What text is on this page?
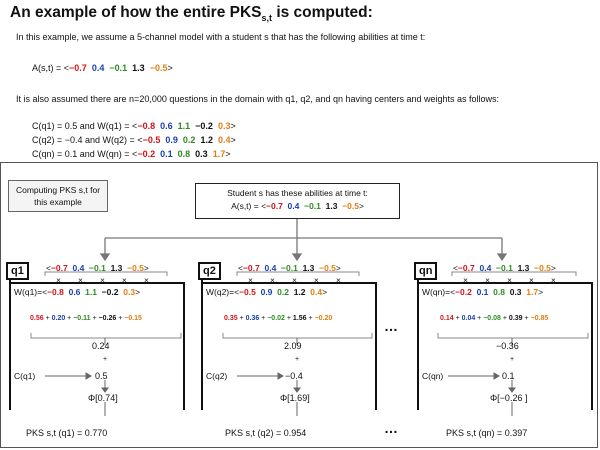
An example of how the entire $PKS_{s,t}$ is computed:
In this example, we assume a 5-channel model with a student s that has the following abilities at time t:
A(s,t) = <−0.7 0.4 −0.1 1.3 −0.5>
It is also assumed there are n=20,000 questions in the domain with q1, q2, and qn having centers and weights as follows:
C(q1) = 0.5 and W(q1) = <−0.8 0.6 1.1 −0.2 0.3>
C(q2) = −0.4 and W(q2) = <−0.5 0.9 0.2 1.2 0.4>
C(qn) = 0.1 and W(qn) = <−0.2 0.1 0.8 0.3 1.7>
Computing PKS s,t for this example
Student s has these abilities at time t:
A(s,t) = <−0.7 0.4 −0.1 1.3 −0.5>
q1	<−0.7 0.4 −0.1 1.3 −0.5>
×××××
W(q1)=<−0.8 0.6 1.1 −0.2 0.3>
0.56 + 0.20 + −0.11 + −0.26 + −0.15
0.24
+
C(q1)	0.5
Φ[0.74]
PKS s,t (q1) = 0.770
q2	<−0.7 0.4 −0.1 1.3 −0.5>
×××××
W(q2)=<−0.5 0.9 0.2 1.2 0.4>
0.35 + 0.36 + −0.02 + 1.56 + −0.20
2.09
+
C(q2)	−0.4
Φ[1.69]
PKS s,t (q2) = 0.954
…
…
qn	<−0.7 0.4 −0.1 1.3 −0.5>
×××××
W(qn)=<−0.2 0.1 0.8 0.3 1.7>
0.14 + 0.04 + −0.08 + 0.39 + −0.85
−0.36
+
C(qn)	0.1
Φ[−0.26 ]
PKS s,t (qn) = 0.397
